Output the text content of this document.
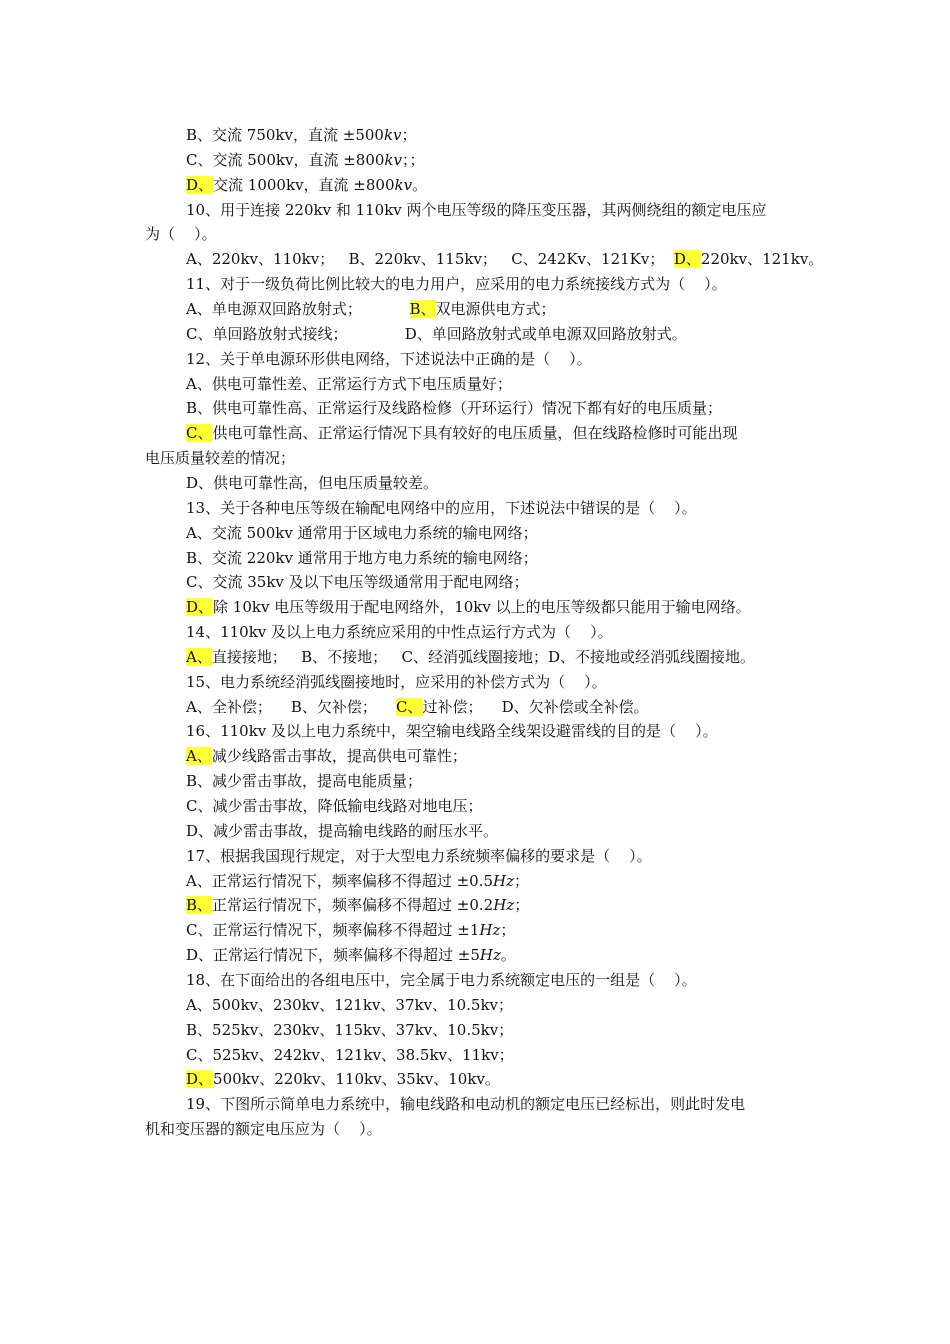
B、交流 750kv，直流 ±500kv；
C、交流 500kv，直流 ±800kv；；
D、交流 1000kv，直流 ±800kv。
10、用于连接 220kv 和 110kv 两个电压等级的降压变压器，其两侧绕组的额定电压应
为（    ）。
A、220kv、110kv；   B、220kv、115kv；   C、242Kv、121Kv；  D、220kv、121kv。
11、对于一级负荷比例比较大的电力用户，应采用的电力系统接线方式为（    ）。
A、单电源双回路放射式；          B、双电源供电方式；
C、单回路放射式接线；            D、单回路放射式或单电源双回路放射式。
12、关于单电源环形供电网络，下述说法中正确的是（    ）。
A、供电可靠性差、正常运行方式下电压质量好；
B、供电可靠性高、正常运行及线路检修（开环运行）情况下都有好的电压质量；
C、供电可靠性高、正常运行情况下具有较好的电压质量，但在线路检修时可能出现
电压质量较差的情况；
D、供电可靠性高，但电压质量较差。
13、关于各种电压等级在输配电网络中的应用，下述说法中错误的是（    ）。
A、交流 500kv 通常用于区域电力系统的输电网络；
B、交流 220kv 通常用于地方电力系统的输电网络；
C、交流 35kv 及以下电压等级通常用于配电网络；
D、除 10kv 电压等级用于配电网络外，10kv 以上的电压等级都只能用于输电网络。
14、110kv 及以上电力系统应采用的中性点运行方式为（    ）。
A、直接接地；   B、不接地；   C、经消弧线圈接地；D、不接地或经消弧线圈接地。
15、电力系统经消弧线圈接地时，应采用的补偿方式为（    ）。
A、全补偿；    B、欠补偿；    C、过补偿；    D、欠补偿或全补偿。
16、110kv 及以上电力系统中，架空输电线路全线架设避雷线的目的是（    ）。
A、减少线路雷击事故，提高供电可靠性；
B、减少雷击事故，提高电能质量；
C、减少雷击事故，降低输电线路对地电压；
D、减少雷击事故，提高输电线路的耐压水平。
17、根据我国现行规定，对于大型电力系统频率偏移的要求是（    ）。
A、正常运行情况下，频率偏移不得超过 ±0.5Hz；
B、正常运行情况下，频率偏移不得超过 ±0.2Hz；
C、正常运行情况下，频率偏移不得超过 ±1Hz；
D、正常运行情况下，频率偏移不得超过 ±5Hz。
18、在下面给出的各组电压中，完全属于电力系统额定电压的一组是（    ）。
A、500kv、230kv、121kv、37kv、10.5kv；
B、525kv、230kv、115kv、37kv、10.5kv；
C、525kv、242kv、121kv、38.5kv、11kv；
D、500kv、220kv、110kv、35kv、10kv。
19、下图所示简单电力系统中，输电线路和电动机的额定电压已经标出，则此时发电
机和变压器的额定电压应为（    ）。
